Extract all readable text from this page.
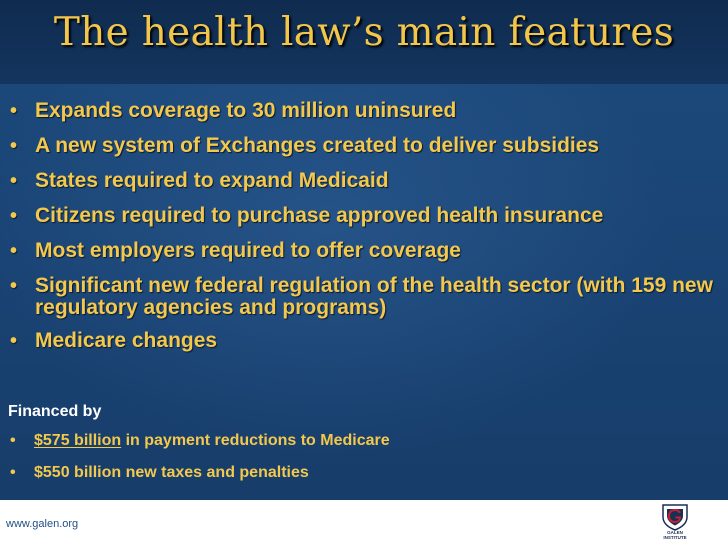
The health law’s main features
• Expands coverage to 30 million uninsured
• A new system of Exchanges created to deliver subsidies
• States required to expand Medicaid
• Citizens required to purchase approved health insurance
• Most employers required to offer coverage
• Significant new federal regulation of the health sector (with 159 new regulatory agencies and programs)
• Medicare changes

Financed by

• $575 billion in payment reductions to Medicare
• $550 billion new taxes and penalties
www.galen.org
GALEN
INSTITUTE
